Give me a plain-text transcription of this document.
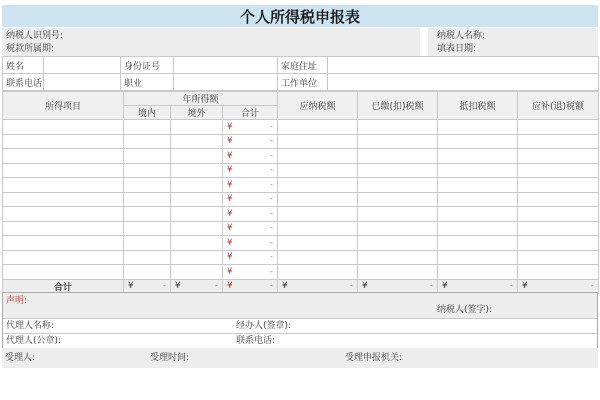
个人所得税申报表
纳税人识别号:	纳税人名称:
税款所属期:	填表日期:
姓名		身份证号		家庭住址	
联系电话		职业		工作单位	
所得项目	年所得额			应纳税额	已缴(扣)税额	抵扣税额	应补(退)税额
	境内	境外	合计				

			¥ -				

			¥ -				

			¥ -				

			¥ -				

			¥ -				

			¥ -				

			¥ -				

			¥ -				

			¥ -				

			¥ -				

			¥ -				

合计	¥ -	¥ -	¥ -	¥ -	¥ -	¥ -	¥ -
声明:
纳税人(签字):
代理人名称:	经办人(签章):
代理人(公章):	联系电话:
受理人:	受理时间:	受理申报机关:
